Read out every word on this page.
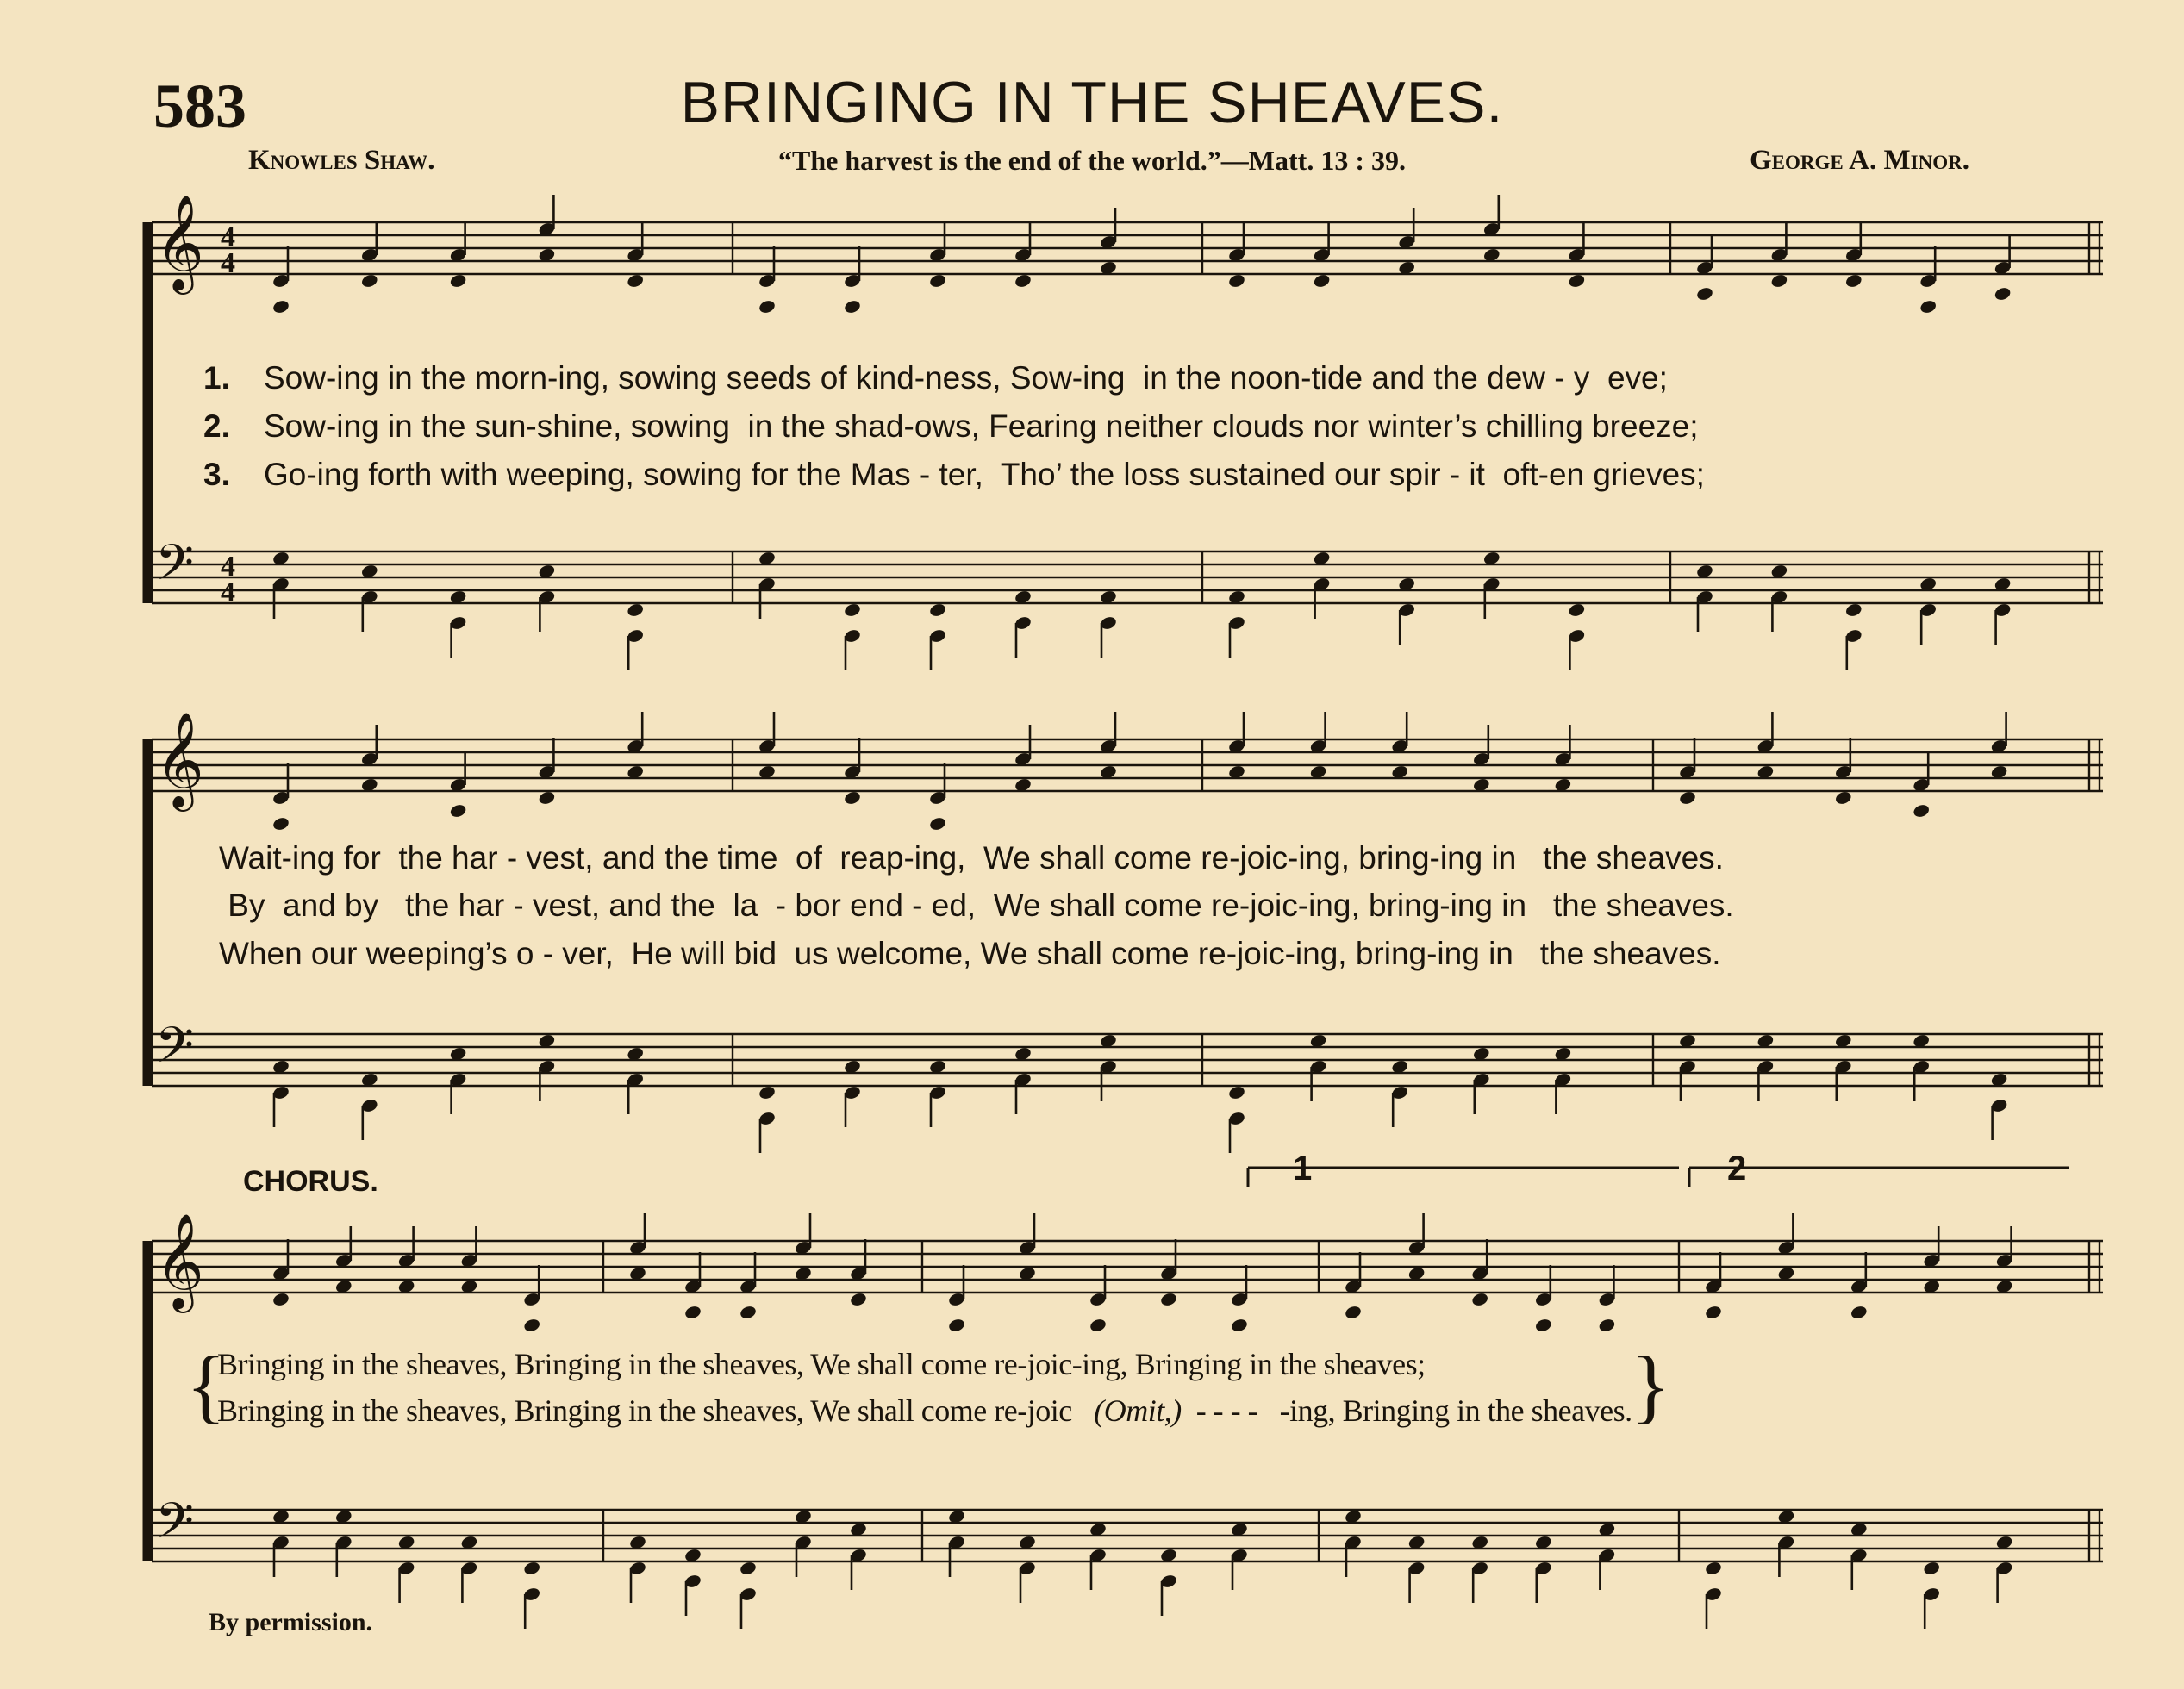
583	BRINGING IN THE SHEAVES.
Knowles Shaw.	“The harvest is the end of the world.”—Matt. 13 : 39.	George A. Minor.
1. Sow-ing in the morn-ing, sowing seeds of kind-ness, Sow-ing  in the noon-tide and the dew - y  eve;
2. Sow-ing in the sun-shine, sowing  in the shad-ows, Fearing neither clouds nor winter’s chilling breeze;
3. Go-ing forth with weeping, sowing for the Mas - ter,  Tho’ the loss sustained our spir - it  oft-en grieves;
Wait-ing for  the har - vest, and the time  of  reap-ing,  We shall come re-joic-ing, bring-ing in   the sheaves.
By  and by   the har - vest, and the  la  - bor end - ed,  We shall come re-joic-ing, bring-ing in   the sheaves.
When our weeping’s o - ver,  He will bid  us welcome, We shall come re-joic-ing, bring-ing in   the sheaves.
CHORUS.	1	2
{	}
Bringing in the sheaves, Bringing in the sheaves, We shall come re-joic-ing, Bringing in the sheaves;
Bringing in the sheaves, Bringing in the sheaves, We shall come re-joic (Omit,) - - - - -ing, Bringing in the sheaves.
By permission.
𝄞 4
4
𝄢 4
4
𝄞
𝄢
𝄞
𝄢
